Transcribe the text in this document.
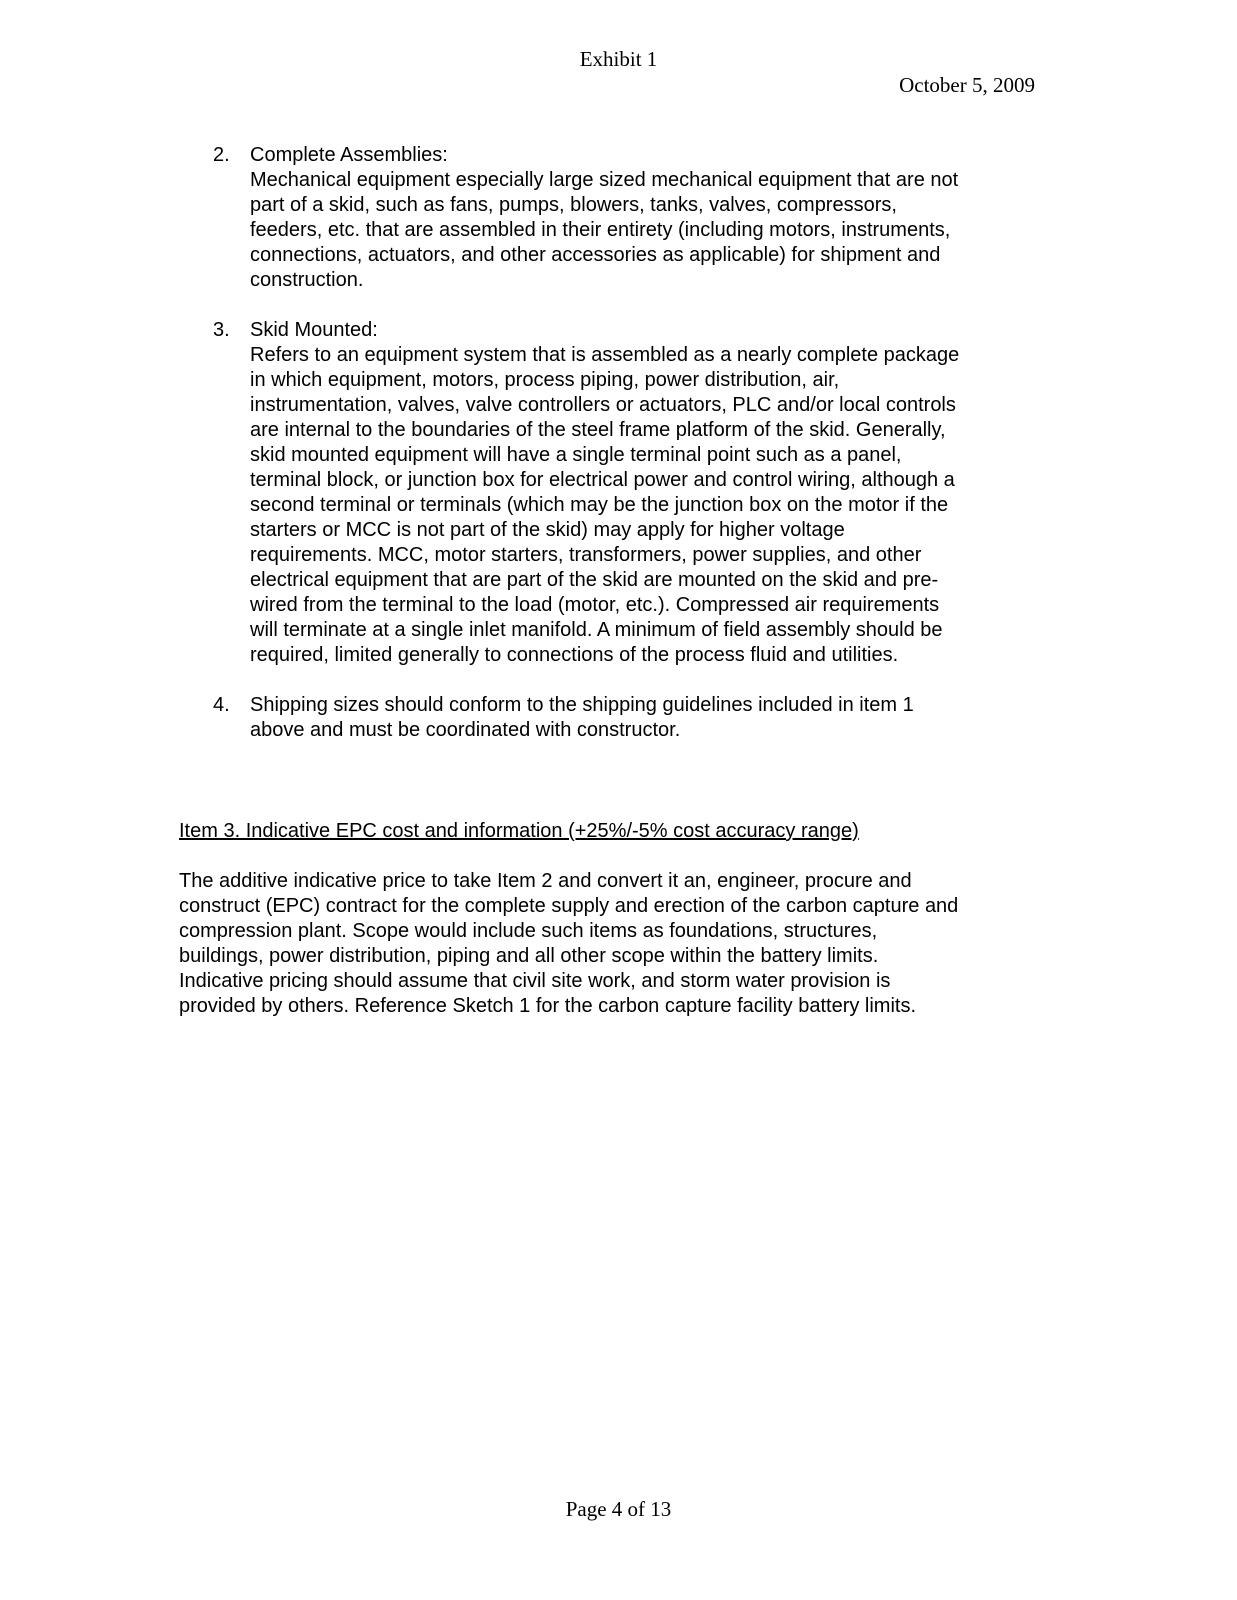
Exhibit 1
October 5, 2009
2. Complete Assemblies:
Mechanical equipment especially large sized mechanical equipment that are not
part of a skid, such as fans, pumps, blowers, tanks, valves, compressors,
feeders, etc. that are assembled in their entirety (including motors, instruments,
connections, actuators, and other accessories as applicable) for shipment and
construction.
3. Skid Mounted:
Refers to an equipment system that is assembled as a nearly complete package
in which equipment, motors, process piping, power distribution, air,
instrumentation, valves, valve controllers or actuators, PLC and/or local controls
are internal to the boundaries of the steel frame platform of the skid. Generally,
skid mounted equipment will have a single terminal point such as a panel,
terminal block, or junction box for electrical power and control wiring, although a
second terminal or terminals (which may be the junction box on the motor if the
starters or MCC is not part of the skid) may apply for higher voltage
requirements. MCC, motor starters, transformers, power supplies, and other
electrical equipment that are part of the skid are mounted on the skid and pre-
wired from the terminal to the load (motor, etc.). Compressed air requirements
will terminate at a single inlet manifold. A minimum of field assembly should be
required, limited generally to connections of the process fluid and utilities.
4. Shipping sizes should conform to the shipping guidelines included in item 1
above and must be coordinated with constructor.

Item 3. Indicative EPC cost and information (+25%/-5% cost accuracy range)

The additive indicative price to take Item 2 and convert it an, engineer, procure and
construct (EPC) contract for the complete supply and erection of the carbon capture and
compression plant. Scope would include such items as foundations, structures,
buildings, power distribution, piping and all other scope within the battery limits.
Indicative pricing should assume that civil site work, and storm water provision is
provided by others. Reference Sketch 1 for the carbon capture facility battery limits.

Page 4 of 13
